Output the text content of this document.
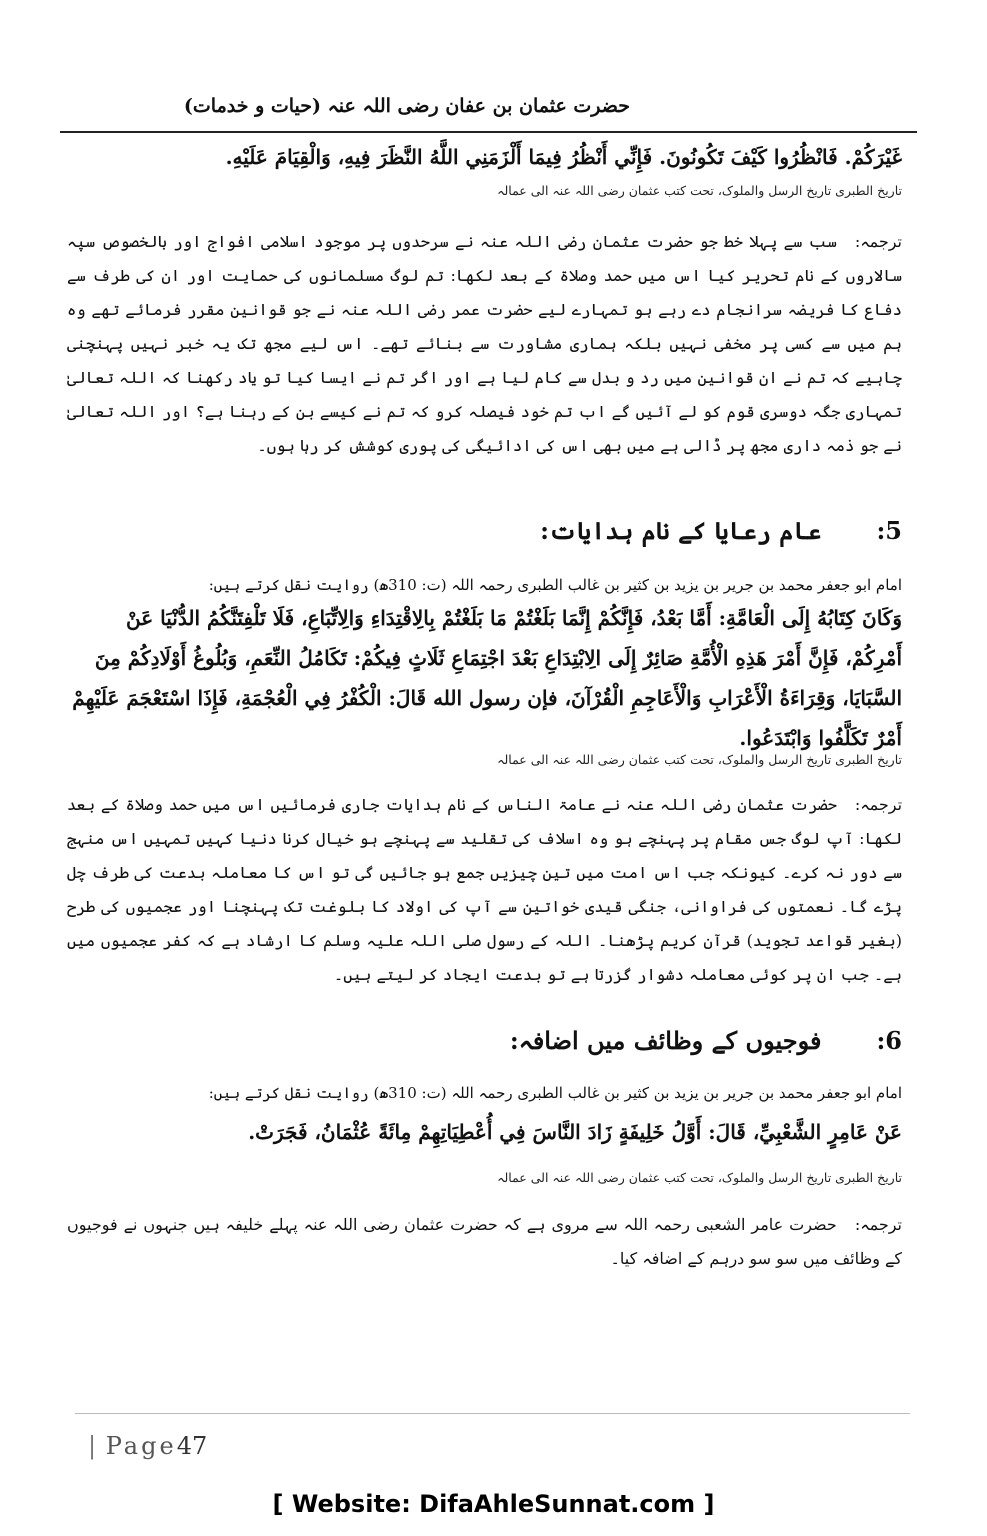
حضرت عثمان بن عفان رضی اللہ عنہ (حیات و خدمات)
غَيْرَكُمْ. فَانْظُرُوا كَيْفَ تَكُونُونَ. فَإِنِّي أَنْظُرُ فِيمَا أَلْزَمَنِي اللَّهُ النَّظَرَ فِيهِ، وَالْقِيَامَ عَلَيْهِ.
تاریخ الطبری تاریخ الرسل والملوک، تحت کتب عثمان رضی اللہ عنہ الی عمالہ
ترجمہ:سب سے پہلا خط جو حضرت عثمان رضی اللہ عنہ نے سرحدوں پر موجود اسلامی افواج اور بالخصوص سپہ سالاروں کے نام تحریر کیا اس میں حمد وصلاۃ کے بعد لکھا: تم لوگ مسلمانوں کی حمایت اور ان کی طرف سے دفاع کا فریضہ سرانجام دے رہے ہو تمہارے لیے حضرت عمر رضی اللہ عنہ نے جو قوانین مقرر فرمائے تھے وہ ہم میں سے کسی پر مخفی نہیں بلکہ ہماری مشاورت سے بنائے تھے۔ اس لیے مجھ تک یہ خبر نہیں پہنچنی چاہیے کہ تم نے ان قوانین میں رد و بدل سے کام لیا ہے اور اگر تم نے ایسا کیا تو یاد رکھنا کہ اللہ تعالیٰ تمہاری جگہ دوسری قوم کو لے آئیں گے اب تم خود فیصلہ کرو کہ تم نے کیسے بن کے رہنا ہے؟ اور اللہ تعالیٰ نے جو ذمہ داری مجھ پر ڈالی ہے میں بھی اس کی ادائیگی کی پوری کوشش کر رہا ہوں۔
5:عام رعایا کے نام ہدایات:
امام ابو جعفر محمد بن جریر بن یزید بن کثیر بن غالب الطبری رحمہ اللہ (ت: 310ھ) روایت نقل کرتے ہیں:
وَكَانَ كِتَابُهُ إِلَى الْعَامَّةِ: أَمَّا بَعْدُ، فَإِنَّكُمْ إِنَّمَا بَلَغْتُمْ مَا بَلَغْتُمْ بِالِاقْتِدَاءِ وَالِاتِّبَاعِ، فَلَا تَلْفِتَنَّكُمُ الدُّنْيَا عَنْ أَمْرِكُمْ، فَإِنَّ أَمْرَ هَذِهِ الْأُمَّةِ صَائِرٌ إِلَى الِابْتِدَاعِ بَعْدَ اجْتِمَاعِ ثَلَاثٍ فِيكُمْ: تَكَامُلُ النِّعَمِ، وَبُلُوغُ أَوْلَادِكُمْ مِنَ السَّبَايَا، وَقِرَاءَةُ الْأَعْرَابِ وَالْأَعَاجِمِ الْقُرْآنَ، فإن رسول الله قَالَ: الْكُفْرُ فِي الْعُجْمَةِ، فَإِذَا اسْتَعْجَمَ عَلَيْهِمْ أَمْرٌ تَكَلَّفُوا وَابْتَدَعُوا.
تاریخ الطبری تاریخ الرسل والملوک، تحت کتب عثمان رضی اللہ عنہ الی عمالہ
ترجمہ:حضرت عثمان رضی اللہ عنہ نے عامۃ الناس کے نام ہدایات جاری فرمائیں اس میں حمد وصلاۃ کے بعد لکھا: آپ لوگ جس مقام پر پہنچے ہو وہ اسلاف کی تقلید سے پہنچے ہو خیال کرنا دنیا کہیں تمہیں اس منہج سے دور نہ کرے۔ کیونکہ جب اس امت میں تین چیزیں جمع ہو جائیں گی تو اس کا معاملہ بدعت کی طرف چل پڑے گا۔ نعمتوں کی فراوانی، جنگی قیدی خواتین سے آپ کی اولاد کا بلوغت تک پہنچنا اور عجمیوں کی طرح (بغیر قواعد تجوید) قرآن کریم پڑھنا۔ اللہ کے رسول صلی اللہ علیہ وسلم کا ارشاد ہے کہ کفر عجمیوں میں ہے۔ جب ان پر کوئی معاملہ دشوار گزرتا ہے تو بدعت ایجاد کر لیتے ہیں۔
6:فوجیوں کے وظائف میں اضافہ:
امام ابو جعفر محمد بن جریر بن یزید بن کثیر بن غالب الطبری رحمہ اللہ (ت: 310ھ) روایت نقل کرتے ہیں:
عَنْ عَامِرٍ الشَّعْبِيِّ، قَالَ: أَوَّلُ خَلِيفَةٍ زَادَ النَّاسَ فِي أُعْطِيَاتِهِمْ مِائَةً عُثْمَانُ، فَجَرَتْ.
تاریخ الطبری تاریخ الرسل والملوک، تحت کتب عثمان رضی اللہ عنہ الی عمالہ
ترجمہ:حضرت عامر الشعبی رحمہ اللہ سے مروی ہے کہ حضرت عثمان رضی اللہ عنہ پہلے خلیفہ ہیں جنہوں نے فوجیوں کے وظائف میں سو سو درہم کے اضافہ کیا۔
| Page47
[ Website: DifaAhleSunnat.com ]
